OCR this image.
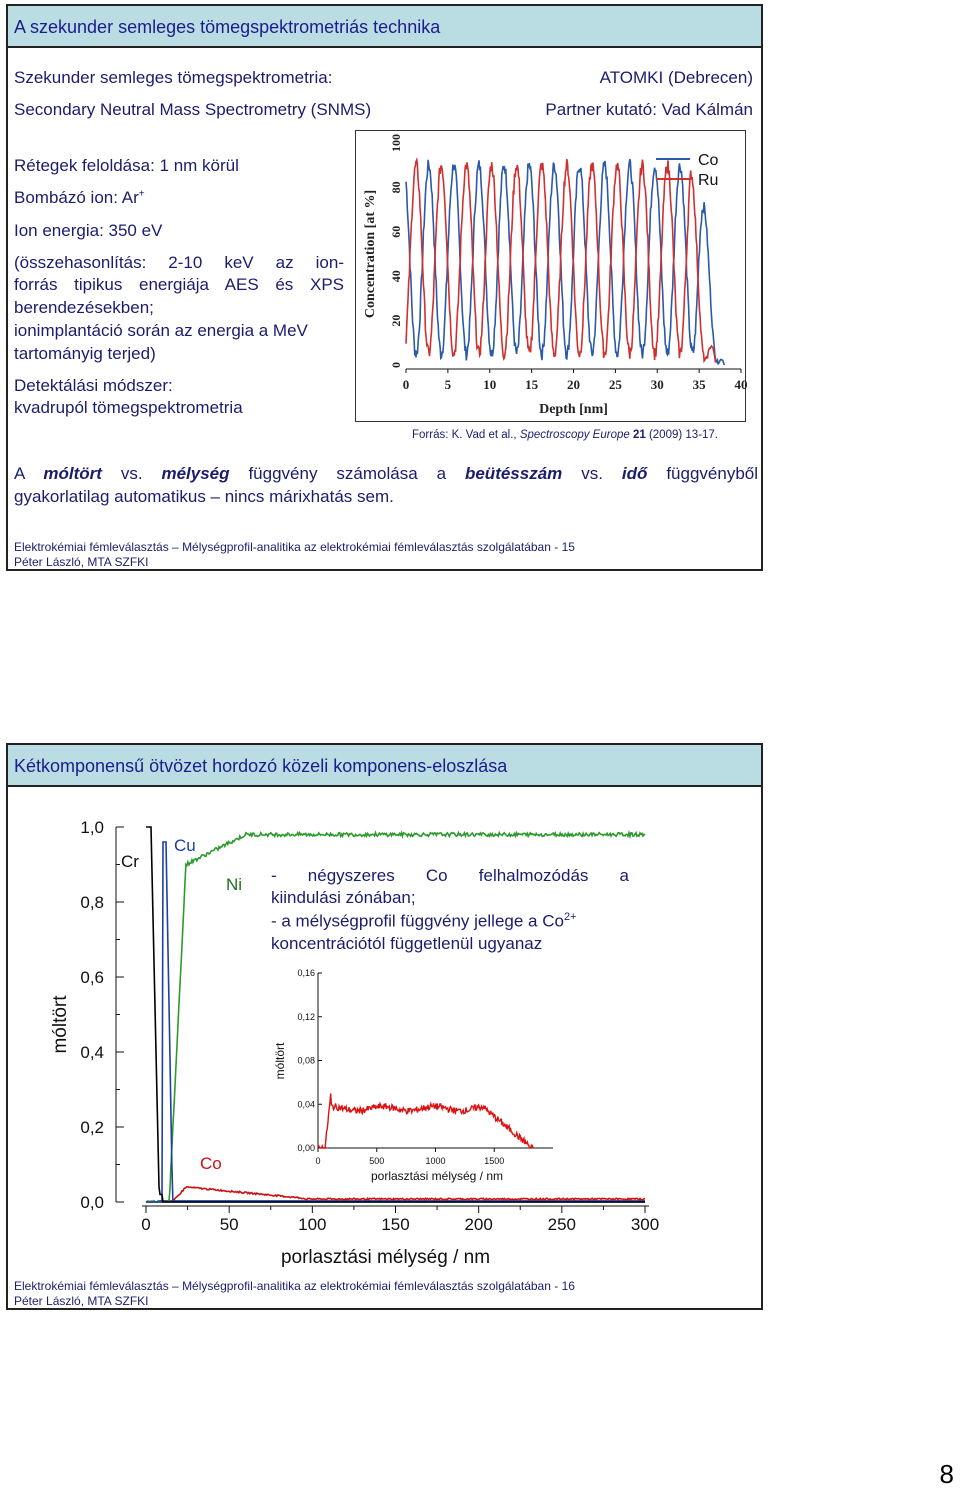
A szekunder semleges tömegspektrometriás technika
Szekunder semleges tömegspektrometria:
Secondary Neutral Mass Spectrometry (SNMS)
ATOMKI (Debrecen)
Partner kutató: Vad Kálmán
Rétegek feloldása: 1 nm körül
Bombázó ion: Ar+
Ion energia: 350 eV
(összehasonlítás: 2-10 keV az ion-
forrás tipikus energiája AES és XPS
berendezésekben;
ionimplantáció során az energia a MeV
tartományig terjed)
Detektálási módszer:
kvadrupól tömegspektrometria
0	5 10 15 20 25 30 35 40
0
20
40
60
80
100
Concentration [at %]
Depth [nm]
Co
Ru
Forrás: K. Vad et al., Spectroscopy Europe 21 (2009) 13-17.
A móltört vs. mélység függvény számolása a beütésszám vs. idő függvényből
gyakorlatilag automatikus – nincs márixhatás sem.
Elektrokémiai fémleválasztás – Mélységprofil-analitika az elektrokémiai fémleválasztás szolgálatában - 15
Péter László, MTA SZFKI
Kétkomponensű ötvözet hordozó közeli komponens-eloszlása
0,0
0,2
0,4
0,6
0,8
1,0
móltört
0	50	100	150	200	250	300
porlasztási mélység / nm
Cr
Cu
Ni
Co
0,00
0,04
0,08
0,12
0,16
0	500	1000	1500
porlasztási mélység / nm
móltört
- négyszeres Co felhalmozódás a
kiindulási zónában;
- a mélységprofil függvény jellege a $Co^{2+}$
koncentrációtól függetlenül ugyanaz
Elektrokémiai fémleválasztás – Mélységprofil-analitika az elektrokémiai fémleválasztás szolgálatában - 16
Péter László, MTA SZFKI
8
